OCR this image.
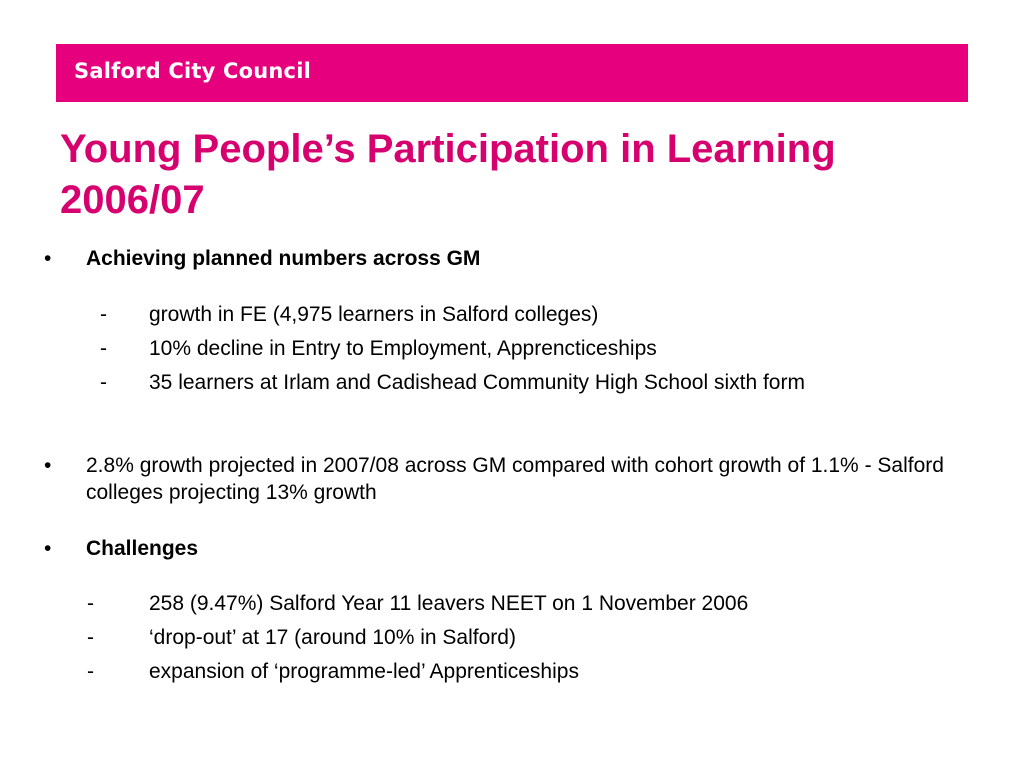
Salford City Council
Young People’s Participation in Learning
2006/07
• Achieving planned numbers across GM
- growth in FE (4,975 learners in Salford colleges)
- 10% decline in Entry to Employment, Apprencticeships
- 35 learners at Irlam and Cadishead Community High School sixth form
• 2.8% growth projected in 2007/08 across GM compared with cohort growth of 1.1% - Salford colleges projecting 13% growth
• Challenges
-	258 (9.47%) Salford Year 11 leavers NEET on 1 November 2006
-	‘drop-out’ at 17 (around 10% in Salford)
-	expansion of ‘programme-led’ Apprenticeships
